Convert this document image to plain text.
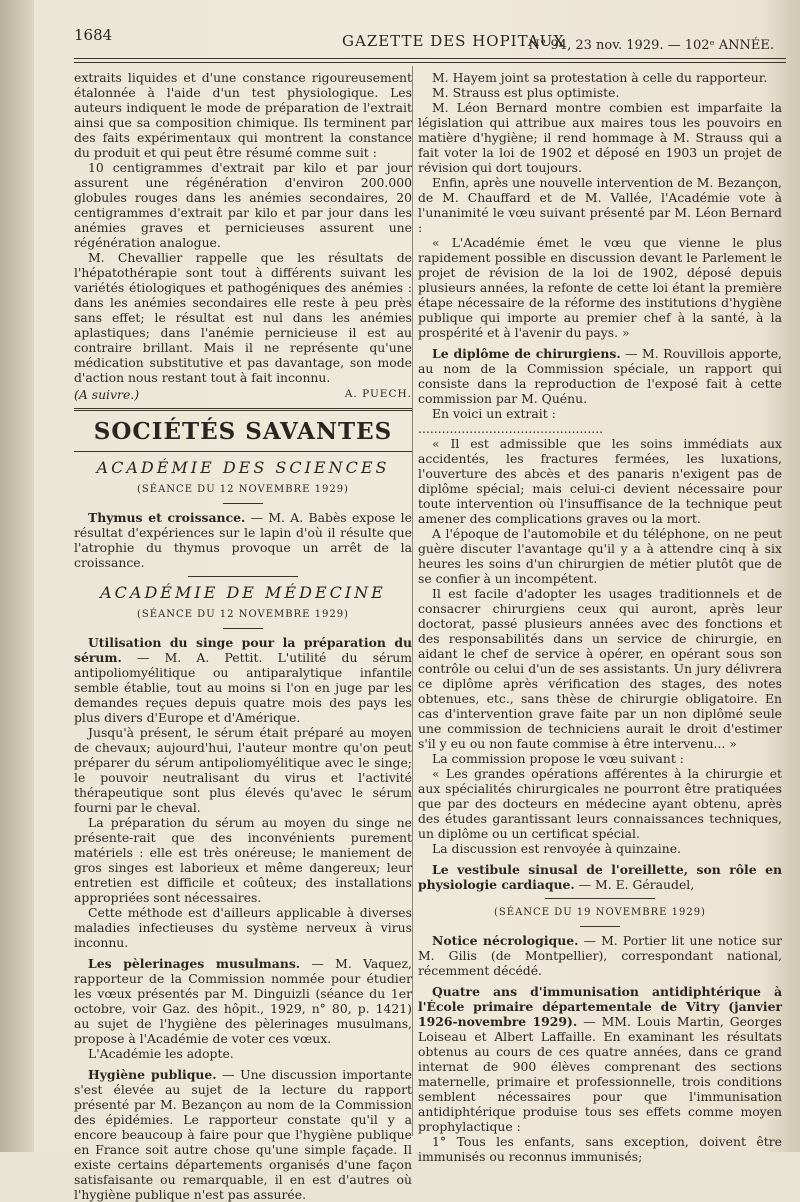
1684	GAZETTE DES HOPITAUX
N° 94, 23 nov. 1929. — 102ᵉ ANNÉE.

extraits liquides et d'une constance rigoureusement étalonnée à l'aide d'un test physiologique. Les auteurs indiquent le mode de préparation de l'extrait ainsi que sa composition chimique. Ils terminent par des faits expérimentaux qui montrent la constance du produit et qui peut être résumé comme suit :

10 centigrammes d'extrait par kilo et par jour assurent une régénération d'environ 200.000 globules rouges dans les anémies secondaires, 20 centigrammes d'extrait par kilo et par jour dans les anémies graves et pernicieuses assurent une régénération analogue.

M. Chevallier rappelle que les résultats de l'hépatothérapie sont tout à différents suivant les variétés étiologiques et pathogéniques des anémies : dans les anémies secondaires elle reste à peu près sans effet; le résultat est nul dans les anémies aplastiques; dans l'anémie pernicieuse il est au contraire brillant. Mais il ne représente qu'une médication substitutive et pas davantage, son mode d'action nous restant tout à fait inconnu.

(A suivre.)	A. PUECH.

SOCIÉTÉS SAVANTES

ACADÉMIE DES SCIENCES

(SÉANCE DU 12 NOVEMBRE 1929)

Thymus et croissance. — M. A. Babès expose le résultat d'expériences sur le lapin d'où il résulte que l'atrophie du thymus provoque un arrêt de la croissance.

ACADÉMIE DE MÉDECINE

(SÉANCE DU 12 NOVEMBRE 1929)

Utilisation du singe pour la préparation du sérum. — M. A. Pettit. L'utilité du sérum antipoliomyélitique ou antiparalytique infantile semble établie, tout au moins si l'on en juge par les demandes reçues depuis quatre mois des pays les plus divers d'Europe et d'Amérique.

Jusqu'à présent, le sérum était préparé au moyen de chevaux; aujourd'hui, l'auteur montre qu'on peut préparer du sérum antipoliomyélitique avec le singe; le pouvoir neutralisant du virus et l'activité thérapeutique sont plus élevés qu'avec le sérum fourni par le cheval.

La préparation du sérum au moyen du singe ne présente-rait que des inconvénients purement matériels : elle est très onéreuse; le maniement de gros singes est laborieux et même dangereux; leur entretien est difficile et coûteux; des installations appropriées sont nécessaires.

Cette méthode est d'ailleurs applicable à diverses maladies infectieuses du système nerveux à virus inconnu.

Les pèlerinages musulmans. — M. Vaquez, rapporteur de la Commission nommée pour étudier les vœux présentés par M. Dinguizli (séance du 1er octobre, voir Gaz. des hôpit., 1929, n° 80, p. 1421) au sujet de l'hygiène des pèlerinages musulmans, propose à l'Académie de voter ces vœux.

L'Académie les adopte.

Hygiène publique. — Une discussion importante s'est élevée au sujet de la lecture du rapport présenté par M. Bezançon au nom de la Commission des épidémies. Le rapporteur constate qu'il y a encore beaucoup à faire pour que l'hygiène publique en France soit autre chose qu'une simple façade. Il existe certains départements organisés d'une façon satisfaisante ou remarquable, il en est d'autres où l'hygiène publique n'est pas assurée.

M. Hayem joint sa protestation à celle du rapporteur.

M. Strauss est plus optimiste.

M. Léon Bernard montre combien est imparfaite la législation qui attribue aux maires tous les pouvoirs en matière d'hygiène; il rend hommage à M. Strauss qui a fait voter la loi de 1902 et déposé en 1903 un projet de révision qui dort toujours.

Enfin, après une nouvelle intervention de M. Bezançon, de M. Chauffard et de M. Vallée, l'Académie vote à l'unanimité le vœu suivant présenté par M. Léon Bernard :

« L'Académie émet le vœu que vienne le plus rapidement possible en discussion devant le Parlement le projet de révision de la loi de 1902, déposé depuis plusieurs années, la refonte de cette loi étant la première étape nécessaire de la réforme des institutions d'hygiène publique qui importe au premier chef à la santé, à la prospérité et à l'avenir du pays. »

Le diplôme de chirurgiens. — M. Rouvillois apporte, au nom de la Commission spéciale, un rapport qui consiste dans la reproduction de l'exposé fait à cette commission par M. Quénu.

En voici un extrait :

...............................................

« Il est admissible que les soins immédiats aux accidentés, les fractures fermées, les luxations, l'ouverture des abcès et des panaris n'exigent pas de diplôme spécial; mais celui-ci devient nécessaire pour toute intervention où l'insuffisance de la technique peut amener des complications graves ou la mort.

A l'époque de l'automobile et du téléphone, on ne peut guère discuter l'avantage qu'il y a à attendre cinq à six heures les soins d'un chirurgien de métier plutôt que de se confier à un incompétent.

Il est facile d'adopter les usages traditionnels et de consacrer chirurgiens ceux qui auront, après leur doctorat, passé plusieurs années avec des fonctions et des responsabilités dans un service de chirurgie, en aidant le chef de service à opérer, en opérant sous son contrôle ou celui d'un de ses assistants. Un jury délivrera ce diplôme après vérification des stages, des notes obtenues, etc., sans thèse de chirurgie obligatoire. En cas d'intervention grave faite par un non diplômé seule une commission de techniciens aurait le droit d'estimer s'il y eu ou non faute commise à être intervenu... »

La commission propose le vœu suivant :

« Les grandes opérations afférentes à la chirurgie et aux spécialités chirurgicales ne pourront être pratiquées que par des docteurs en médecine ayant obtenu, après des études garantissant leurs connaissances techniques, un diplôme ou un certificat spécial.

La discussion est renvoyée à quinzaine.

Le vestibule sinusal de l'oreillette, son rôle en physiologie cardiaque. — M. E. Géraudel,

(SÉANCE DU 19 NOVEMBRE 1929)

Notice nécrologique. — M. Portier lit une notice sur M. Gilis (de Montpellier), correspondant national, récemment décédé.

Quatre ans d'immunisation antidiphtérique à l'École primaire départementale de Vitry (janvier 1926-novembre 1929). — MM. Louis Martin, Georges Loiseau et Albert Laffaille. En examinant les résultats obtenus au cours de ces quatre années, dans ce grand internat de 900 élèves comprenant des sections maternelle, primaire et professionnelle, trois conditions semblent nécessaires pour que l'immunisation antidiphtérique produise tous ses effets comme moyen prophylactique :

1° Tous les enfants, sans exception, doivent être immunisés ou reconnus immunisés;
